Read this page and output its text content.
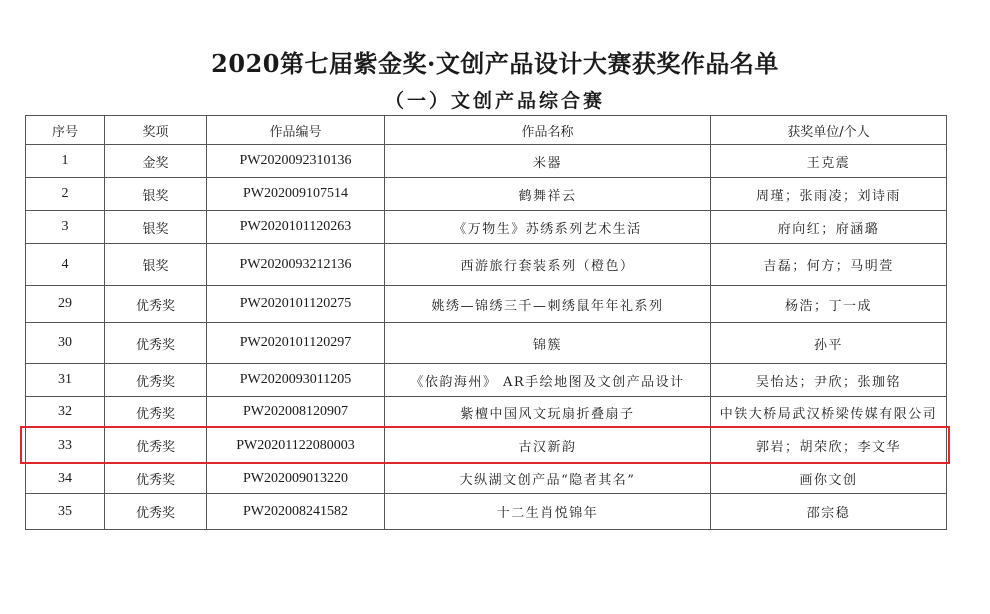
2020第七届紫金奖·文创产品设计大赛获奖作品名单
（一）文创产品综合赛
序号	奖项	作品编号	作品名称	获奖单位/个人
1	金奖	PW2020092310136	米器	王克震
2	银奖	PW202009107514	鹤舞祥云	周瑾；张雨凌；刘诗雨
3	银奖	PW2020101120263	《万物生》苏绣系列艺术生活	府向红；府涵璐
4	银奖	PW2020093212136	西游旅行套装系列（橙色）	吉磊；何方；马明萱
29	优秀奖	PW2020101120275	姚绣—锦绣三千—刺绣鼠年年礼系列	杨浩；丁一成
30	优秀奖	PW2020101120297	锦簇	孙平
31	优秀奖	PW2020093011205	《依韵海州》 AR手绘地图及文创产品设计	吴怡达；尹欣；张珈铭
32	优秀奖	PW202008120907	紫檀中国风文玩扇折叠扇子	中铁大桥局武汉桥梁传媒有限公司
33	优秀奖	PW20201122080003	古汉新韵	郭岩；胡荣欣；李文华
34	优秀奖	PW202009013220	大纵湖文创产品“隐者其名”	画你文创
35	优秀奖	PW202008241582	十二生肖悦锦年	邵宗稳
